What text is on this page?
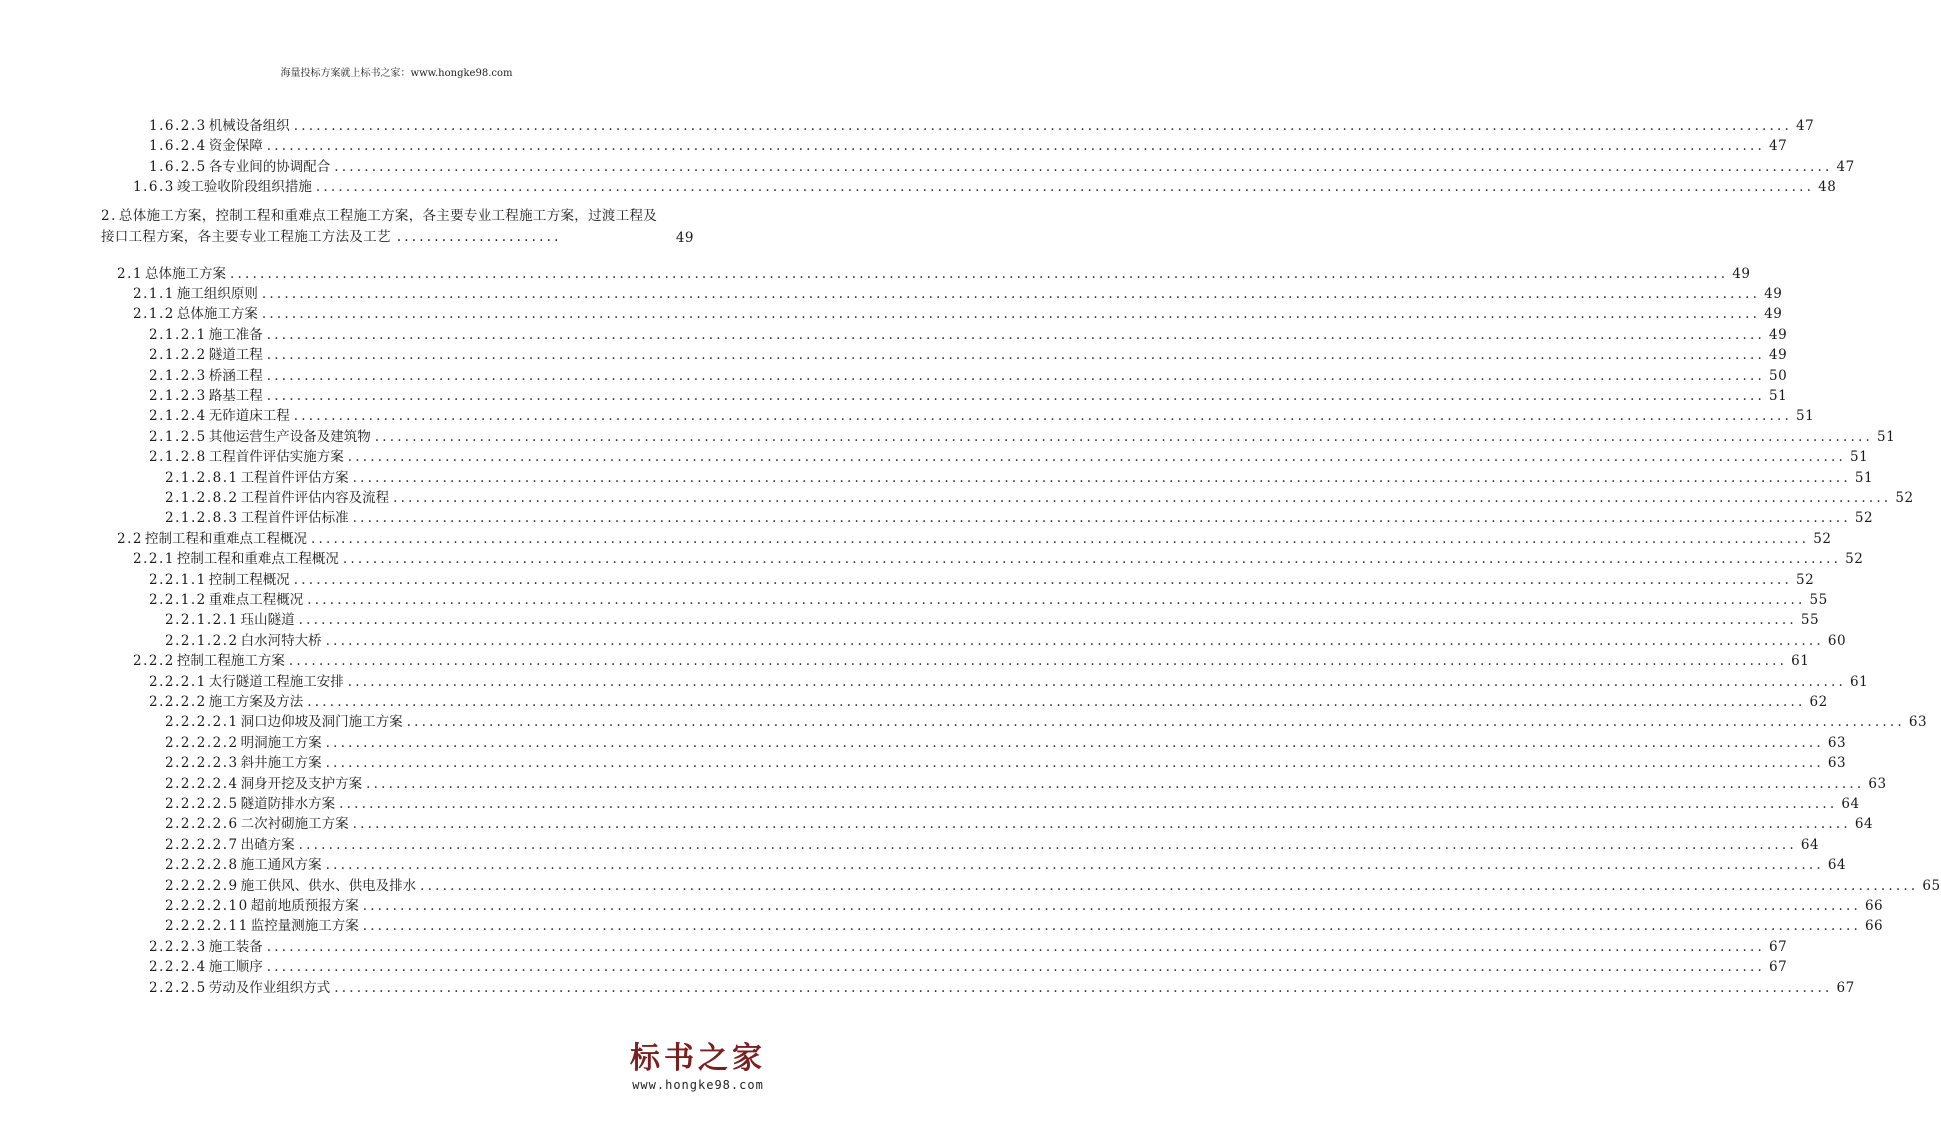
海量投标方案就上标书之家：www.hongke98.com
1.6.2.3 机械设备组织 ........................................................................................................................................................................................................ 47
1.6.2.4 资金保障 ........................................................................................................................................................................................................ 47
1.6.2.5 各专业间的协调配合 ........................................................................................................................................................................................................ 47
1.6.3 竣工验收阶段组织措施 ........................................................................................................................................................................................................ 48
2. 总体施工方案，控制工程和重难点工程施工方案，各主要专业工程施工方案，过渡工程及接口工程方案，各主要专业工程施工方法及工艺 ......................	49
2.1 总体施工方案 ........................................................................................................................................................................................................ 49
2.1.1 施工组织原则 ........................................................................................................................................................................................................ 49
2.1.2 总体施工方案 ........................................................................................................................................................................................................ 49
2.1.2.1 施工准备 ........................................................................................................................................................................................................ 49
2.1.2.2 隧道工程 ........................................................................................................................................................................................................ 49
2.1.2.3 桥涵工程 ........................................................................................................................................................................................................ 50
2.1.2.3 路基工程 ........................................................................................................................................................................................................ 51
2.1.2.4 无砟道床工程 ........................................................................................................................................................................................................ 51
2.1.2.5 其他运营生产设备及建筑物 ........................................................................................................................................................................................................ 51
2.1.2.8 工程首件评估实施方案 ........................................................................................................................................................................................................ 51
2.1.2.8.1 工程首件评估方案 ........................................................................................................................................................................................................ 51
2.1.2.8.2 工程首件评估内容及流程 ........................................................................................................................................................................................................ 52
2.1.2.8.3 工程首件评估标准 ........................................................................................................................................................................................................ 52
2.2 控制工程和重难点工程概况 ........................................................................................................................................................................................................ 52
2.2.1 控制工程和重难点工程概况 ........................................................................................................................................................................................................ 52
2.2.1.1 控制工程概况 ........................................................................................................................................................................................................ 52
2.2.1.2 重难点工程概况 ........................................................................................................................................................................................................ 55
2.2.1.2.1 珏山隧道 ........................................................................................................................................................................................................ 55
2.2.1.2.2 白水河特大桥 ........................................................................................................................................................................................................ 60
2.2.2 控制工程施工方案 ........................................................................................................................................................................................................ 61
2.2.2.1 太行隧道工程施工安排 ........................................................................................................................................................................................................ 61
2.2.2.2 施工方案及方法 ........................................................................................................................................................................................................ 62
2.2.2.2.1 洞口边仰坡及洞门施工方案 ........................................................................................................................................................................................................ 63
2.2.2.2.2 明洞施工方案 ........................................................................................................................................................................................................ 63
2.2.2.2.3 斜井施工方案 ........................................................................................................................................................................................................ 63
2.2.2.2.4 洞身开挖及支护方案 ........................................................................................................................................................................................................ 63
2.2.2.2.5 隧道防排水方案 ........................................................................................................................................................................................................ 64
2.2.2.2.6 二次衬砌施工方案 ........................................................................................................................................................................................................ 64
2.2.2.2.7 出碴方案 ........................................................................................................................................................................................................ 64
2.2.2.2.8 施工通风方案 ........................................................................................................................................................................................................ 64
2.2.2.2.9 施工供风、供水、供电及排水 ........................................................................................................................................................................................................ 65
2.2.2.2.10 超前地质预报方案 ........................................................................................................................................................................................................ 66
2.2.2.2.11 监控量测施工方案 ........................................................................................................................................................................................................ 66
2.2.2.3 施工装备 ........................................................................................................................................................................................................ 67
2.2.2.4 施工顺序 ........................................................................................................................................................................................................ 67
2.2.2.5 劳动及作业组织方式 ........................................................................................................................................................................................................ 67
标书之家
www.hongke98.com
